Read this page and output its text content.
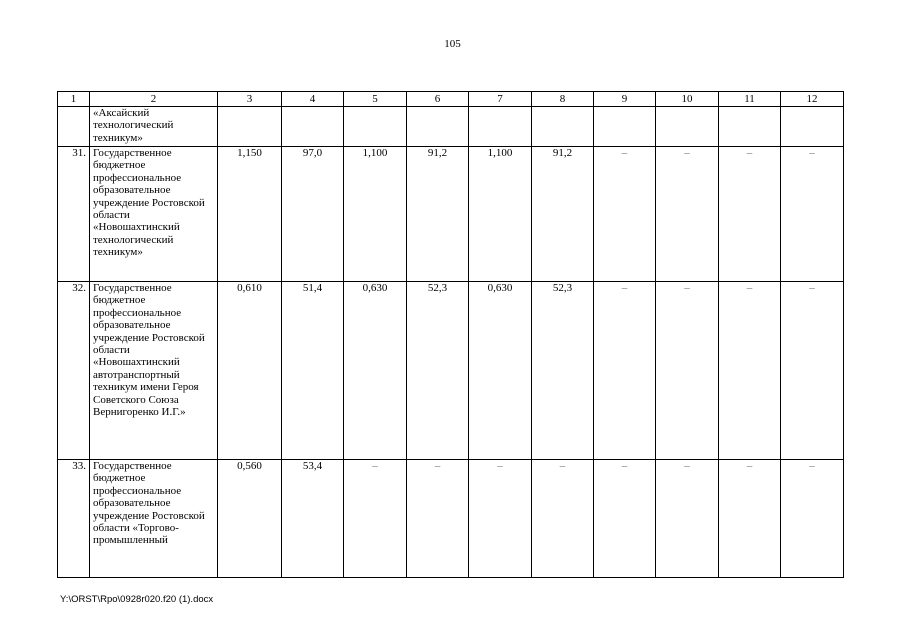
105
1	2	3	4	5	6	7	8	9	10	11	12
	«Аксайский технологический техникум»										
31.	Государственное бюджетное профессиональное образовательное учреждение Ростовской области «Новошахтинский технологический техникум»	1,150	97,0	1,100	91,2	1,100	91,2	–	–	–	–
32.	Государственное бюджетное профессиональное образовательное учреждение Ростовской области «Новошахтинский автотранспортный техникум имени Героя Советского Союза Вернигоренко И.Г.»	0,610	51,4	0,630	52,3	0,630	52,3	–	–	–	–
33.	Государственное бюджетное профессиональное образовательное учреждение Ростовской области «Торгово-промышленный	0,560	53,4	–	–	–	–	–	–	–	–
Y:\ORST\Rpo\0928r020.f20 (1).docx
